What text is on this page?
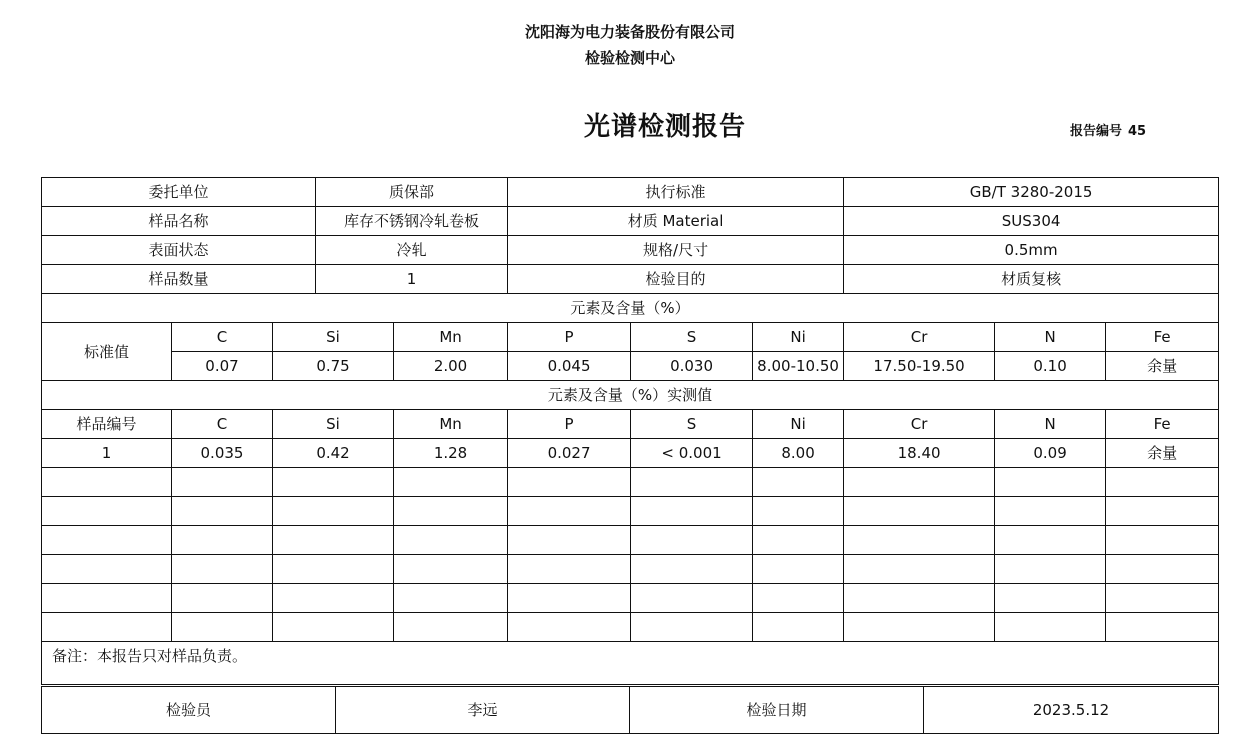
沈阳海为电力装备股份有限公司
检验检测中心
光谱检测报告	报告编号 45
委托单位			质保部		执行标准			GB/T 3280-2015		
样品名称			库存不锈钢冷轧卷板		材质 Material			SUS304		
表面状态			冷轧		规格/尺寸			0.5mm		
样品数量			1		检验目的			材质复核		
元素及含量（%）										
标准值	C	Si		Mn	P	S	Ni	Cr	N	Fe
	0.07	0.75		2.00	0.045	0.030	8.00-10.50	17.50-19.50	0.10	余量
元素及含量（%）实测值										
样品编号	C	Si		Mn	P	S	Ni	Cr	N	Fe
1	0.035	0.42		1.28	0.027	< 0.001	8.00	18.40	0.09	余量

备注：本报告只对样品负责。										
检验员	李远	检验日期	2023.5.12
